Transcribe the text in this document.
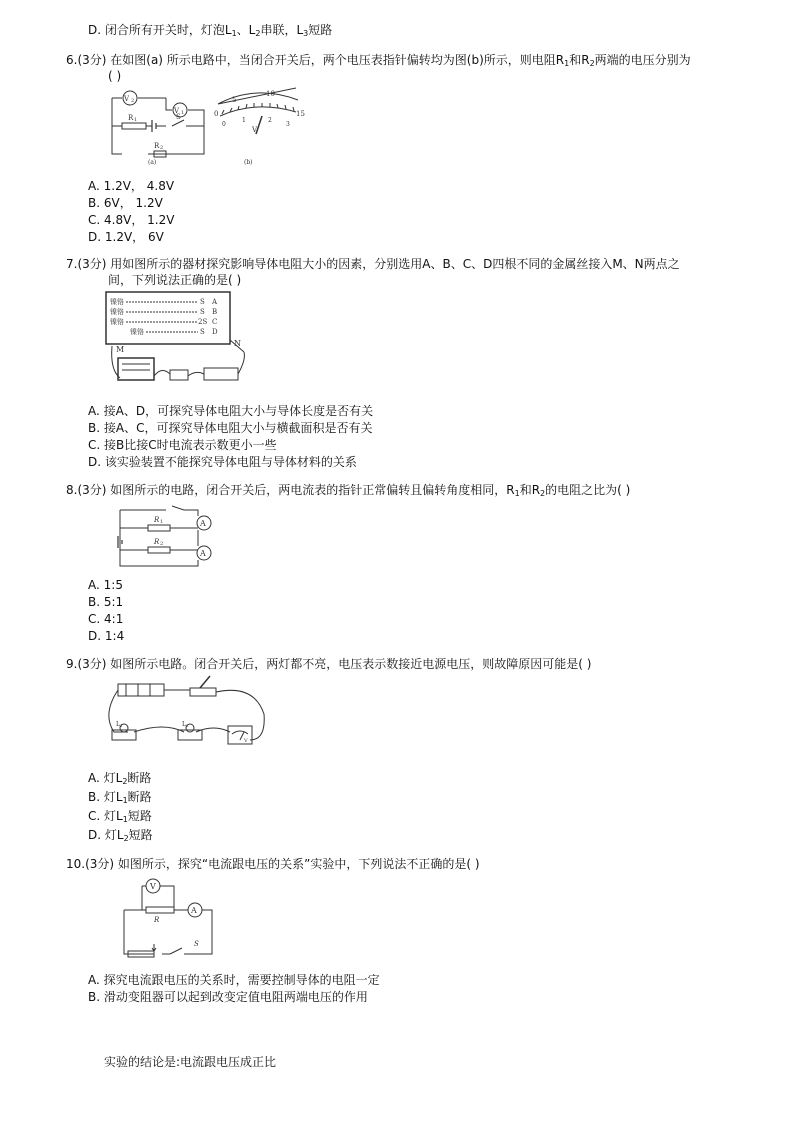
D. 闭合所有开关时，灯泡$L_1$、$L_2$串联，$L_3$短路
6.(3分) 在如图(a) 所示电路中，当闭合开关后，两个电压表指针偏转均为图(b)所示，则电阻$R_1$和$R_2$两端的电压分别为
( )
V 2
V 1
R 1	S
R 2
(a)
0
5
10
15
0
1	2
3
V
(b)
A. 1.2V， 4.8V
B. 6V， 1.2V
C. 4.8V， 1.2V
D. 1.2V， 6V
7.(3分) 用如图所示的器材探究影响导体电阻大小的因素，分别选用A、B、C、D四根不同的金属丝接入M、N两点之
间，下列说法正确的是( )
镍铬
镍铬
镍铬
镍铬
S
S
2S
S
A
B
C
D
M
N
A. 接A、D，可探究导体电阻大小与导体长度是否有关
B. 接A、C，可探究导体电阻大小与横截面积是否有关
C. 接B比接C时电流表示数更小一些
D. 该实验装置不能探究导体电阻与导体材料的关系
8.(3分) 如图所示的电路，闭合开关后，两电流表的指针正常偏转且偏转角度相同，$R_1$和$R_2$的电阻之比为( )
R 1
R 2
A
A
A. 1:5
B. 5:1
C. 4:1
D. 1:4
9.(3分) 如图所示电路。闭合开关后，两灯都不亮，电压表示数接近电源电压，则故障原因可能是( )
L 1	L 2
V
A. 灯$L_2$断路
B. 灯$L_1$断路
C. 灯$L_1$短路
D. 灯$L_2$短路
10.(3分) 如图所示，探究“电流跟电压的关系”实验中，下列说法不正确的是( )
V
R
A
S
A. 探究电流跟电压的关系时，需要控制导体的电阻一定
B. 滑动变阻器可以起到改变定值电阻两端电压的作用
实验的结论是:电流跟电压成正比
